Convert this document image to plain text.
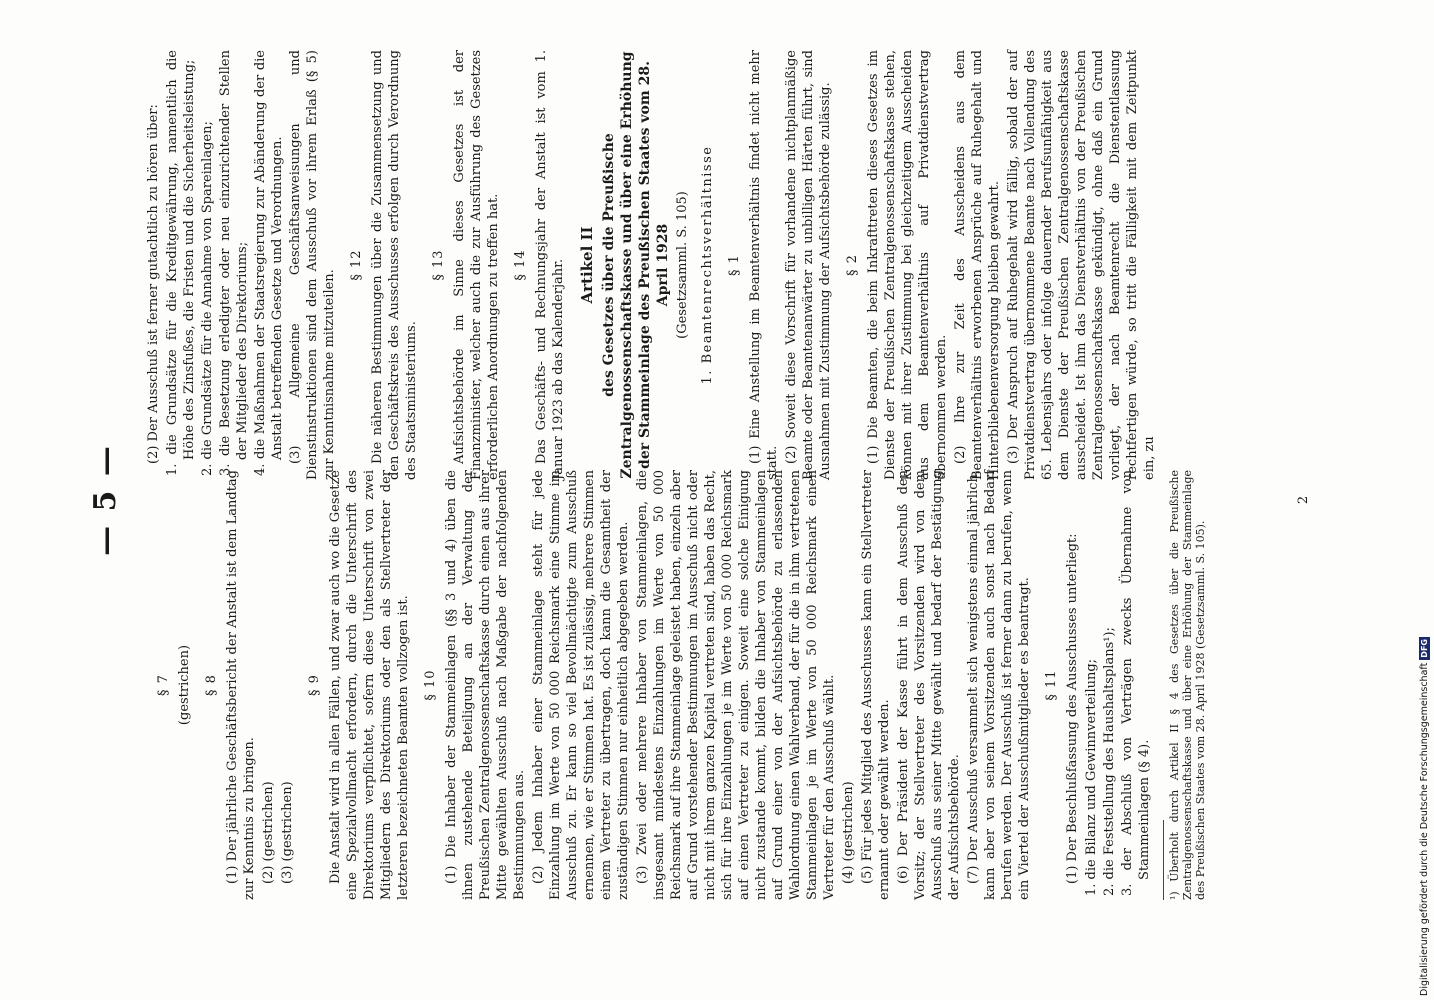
— 5 —
§ 7 (gestrichen) § 8 (1) Der jährliche Geschäftsbericht der Anstalt ist dem Landtag zur Kenntnis zu bringen. (2) (gestrichen) (3) (gestrichen)

§ 9 Die Anstalt wird in allen Fällen, und zwar auch wo die Gesetze eine Spezialvollmacht erfordern, durch die Unterschrift des Direktoriums verpflichtet, sofern diese Unterschrift von zwei Mitgliedern des Direktoriums oder den als Stellvertreter der letzteren bezeichneten Beamten vollzogen ist. § 10 (1) Die Inhaber der Stammeinlagen (§§ 3 und 4) üben die ihnen zustehende Beteiligung an der Verwaltung der Preußischen Zentralgenossenschaftskasse durch einen aus ihrer Mitte gewählten Ausschuß nach Maßgabe der nachfolgenden Bestimmungen aus. (2) Jedem Inhaber einer Stammeinlage steht für jede Einzahlung im Werte von 50 000 Reichsmark eine Stimme im Ausschuß zu. Er kann so viel Bevollmächtigte zum Ausschuß ernennen, wie er Stimmen hat. Es ist zulässig, mehrere Stimmen einem Vertreter zu übertragen, doch kann die Gesamtheit der zuständigen Stimmen nur einheitlich abgegeben werden. (3) Zwei oder mehrere Inhaber von Stammeinlagen, die insgesamt mindestens Einzahlungen im Werte von 50 000 Reichsmark auf ihre Stammeinlage geleistet haben, einzeln aber auf Grund vorstehender Bestimmungen im Ausschuß nicht oder nicht mit ihrem ganzen Kapital vertreten sind, haben das Recht, sich für ihre Einzahlungen je im Werte von 50 000 Reichsmark auf einen Vertreter zu einigen. Soweit eine solche Einigung nicht zustande kommt, bilden die Inhaber von Stammeinlagen auf Grund einer von der Aufsichtsbehörde zu erlassenden Wahlordnung einen Wahlverband, der für die in ihm vertretenen Stammeinlagen je im Werte von 50 000 Reichsmark einen Vertreter für den Ausschuß wählt. (4) (gestrichen) (5) Für jedes Mitglied des Ausschusses kann ein Stellvertreter ernannt oder gewählt werden. (6) Der Präsident der Kasse führt in dem Ausschuß den Vorsitz; der Stellvertreter des Vorsitzenden wird von dem Ausschuß aus seiner Mitte gewählt und bedarf der Bestätigung der Aufsichtsbehörde. (7) Der Ausschuß versammelt sich wenigstens einmal jährlich, kann aber von seinem Vorsitzenden auch sonst nach Bedarf berufen werden. Der Ausschuß ist ferner dann zu berufen, wenn ein Viertel der Ausschußmitglieder es beantragt. § 11 (1) Der Beschlußfassung des Ausschusses unterliegt: 1. die Bilanz und Gewinnverteilung; 2. die Feststellung des Haushaltsplans¹); 3. der Abschluß von Verträgen zwecks Übernahme von Stammeinlagen (§ 4). ¹) Überholt durch Artikel II § 4 des Gesetzes über die Preußische Zentralgenossenschaftskasse und über eine Erhöhung der Stammeinlage des Preußischen Staates vom 28. April 1928 (Gesetzsamml. S. 105).

(2) Der Ausschuß ist ferner gutachtlich zu hören über: 1. die Grundsätze für die Kreditgewährung, namentlich die Höhe des Zinsfußes, die Fristen und die Sicherheitsleistung; 2. die Grundsätze für die Annahme von Spareinlagen; 3. die Besetzung erledigter oder neu einzurichtender Stellen der Mitglieder des Direktoriums; 4. die Maßnahmen der Staatsregierung zur Abänderung der die Anstalt betreffenden Gesetze und Verordnungen. (3) Allgemeine Geschäftsanweisungen und Dienstinstruktionen sind dem Ausschuß vor ihrem Erlaß (§ 5) zur Kenntnisnahme mitzuteilen.

§ 12 Die näheren Bestimmungen über die Zusammensetzung und den Geschäftskreis des Ausschusses erfolgen durch Verordnung des Staatsministeriums.

§ 13 Aufsichtsbehörde im Sinne dieses Gesetzes ist der Finanzminister, welcher auch die zur Ausführung des Gesetzes erforderlichen Anordnungen zu treffen hat. § 14 Das Geschäfts- und Rechnungsjahr der Anstalt ist vom 1. Januar 1923 ab das Kalenderjahr. Artikel II des Gesetzes über die Preußische Zentralgenossenschaftskasse und über eine Erhöhung der Stammeinlage des Preußischen Staates vom 28. April 1928 (Gesetzsamml. S. 105) 1. Beamtenrechtsverhältnisse § 1 (1) Eine Anstellung im Beamtenverhältnis findet nicht mehr statt. (2) Soweit diese Vorschrift für vorhandene nichtplanmäßige Beamte oder Beamtenanwärter zu unbilligen Härten führt, sind Ausnahmen mit Zustimmung der Aufsichtsbehörde zulässig. § 2 (1) Die Beamten, die beim Inkrafttreten dieses Gesetzes im Dienste der Preußischen Zentralgenossenschaftskasse stehen, können mit ihrer Zustimmung bei gleichzeitigem Ausscheiden aus dem Beamtenverhältnis auf Privatdienstvertrag übernommen werden. (2) Ihre zur Zeit des Ausscheidens aus dem Beamtenverhältnis erworbenen Ansprüche auf Ruhegehalt und Hinterbliebenenversorgung bleiben gewahrt. (3) Der Anspruch auf Ruhegehalt wird fällig, sobald der auf Privatdienstvertrag übernommene Beamte nach Vollendung des 65. Lebensjahrs oder infolge dauernder Berufsunfähigkeit aus dem Dienste der Preußischen Zentralgenossenschaftskasse ausscheidet. Ist ihm das Dienstverhältnis von der Preußischen Zentralgenossenschaftskasse gekündigt, ohne daß ein Grund vorliegt, der nach Beamtenrecht die Dienstentlassung rechtfertigen würde, so tritt die Fälligkeit mit dem Zeitpunkt ein, zu

2
Digitalisierung gefördert durch die Deutsche ForschungsgemeinschaftDFG
